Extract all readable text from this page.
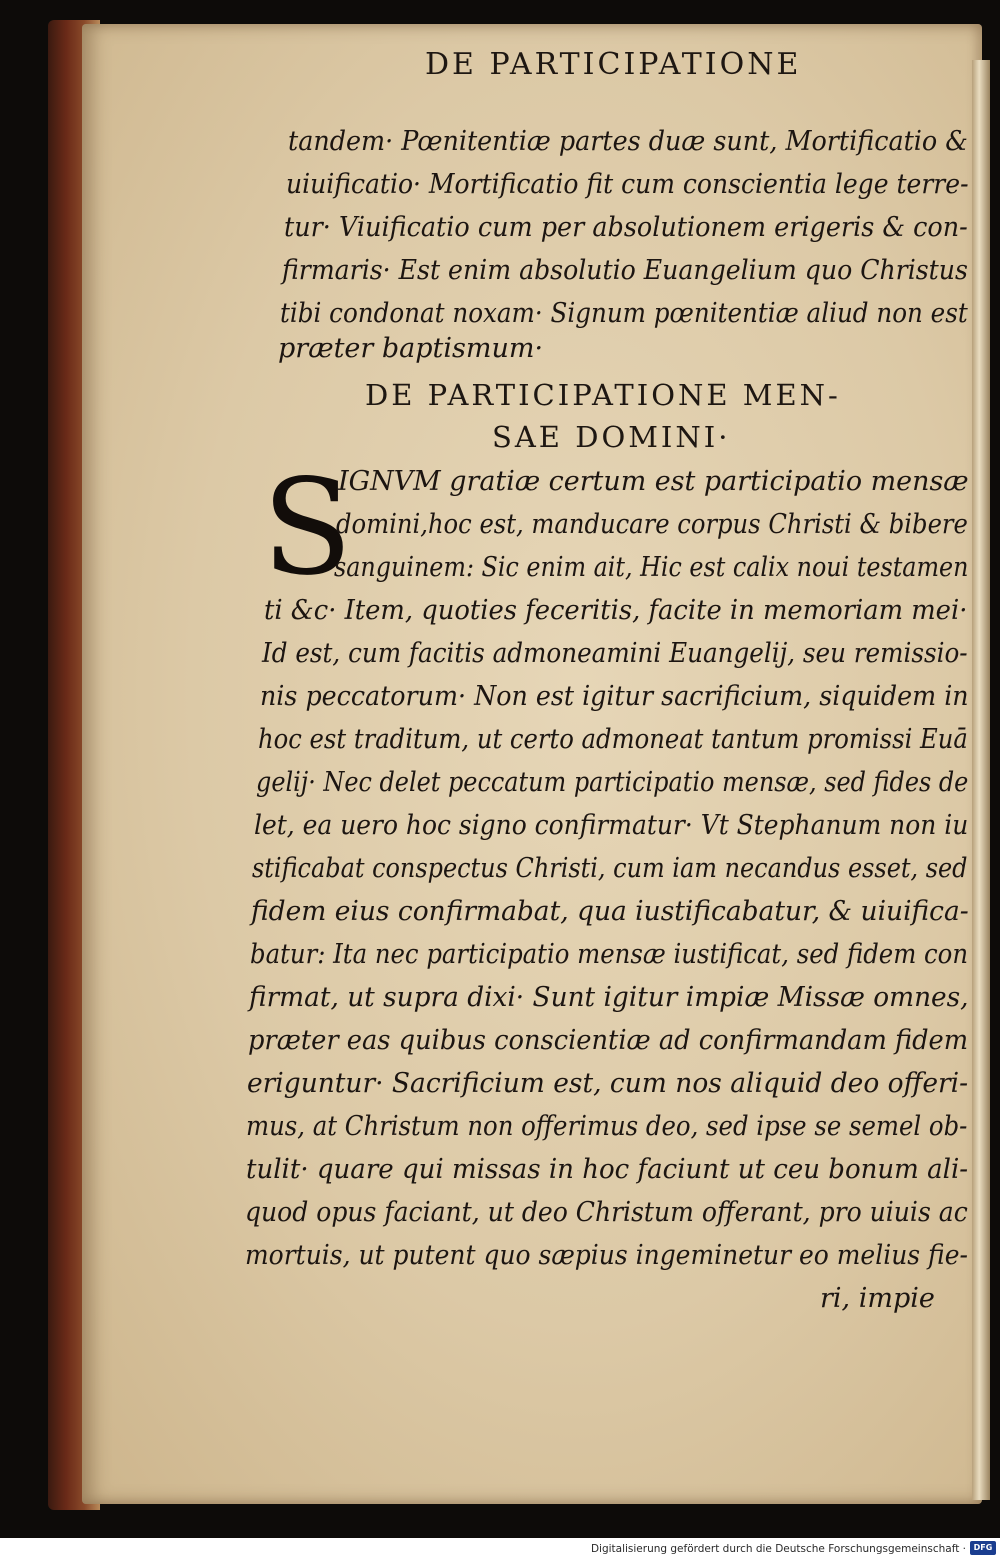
DE PARTICIPATIONE
tandem· Pœnitentiæ partes duæ sunt, Mortificatio &
uiuificatio· Mortificatio fit cum conscientia lege terre-
tur· Viuificatio cum per absolutionem erigeris & con-
firmaris· Est enim absolutio Euangelium quo Christus
tibi condonat noxam· Signum pœnitentiæ aliud non est
præter baptismum·
DE PARTICIPATIONE MEN-
SAE DOMINI·
S
IGNVM gratiæ certum est participatio mensæ
domini,hoc est, manducare corpus Christi & bibere
sanguinem: Sic enim ait, Hic est calix noui testamen
ti &c· Item, quoties feceritis, facite in memoriam mei·
Id est, cum facitis admoneamini Euangelij, seu remissio-
nis peccatorum· Non est igitur sacrificium, siquidem in
hoc est traditum, ut certo admoneat tantum promissi Euā
gelij· Nec delet peccatum participatio mensæ, sed fides de
let, ea uero hoc signo confirmatur· Vt Stephanum non iu
stificabat conspectus Christi, cum iam necandus esset, sed
fidem eius confirmabat, qua iustificabatur, & uiuifica-
batur: Ita nec participatio mensæ iustificat, sed fidem con
firmat, ut supra dixi· Sunt igitur impiæ Missæ omnes,
præter eas quibus conscientiæ ad confirmandam fidem
eriguntur· Sacrificium est, cum nos aliquid deo offeri-
mus, at Christum non offerimus deo, sed ipse se semel ob-
tulit· quare qui missas in hoc faciunt ut ceu bonum ali-
quod opus faciant, ut deo Christum offerant, pro uiuis ac
mortuis, ut putent quo sæpius ingeminetur eo melius fie-
ri, impie
Digitalisierung gefördert durch die Deutsche Forschungsgemeinschaft · DFG
